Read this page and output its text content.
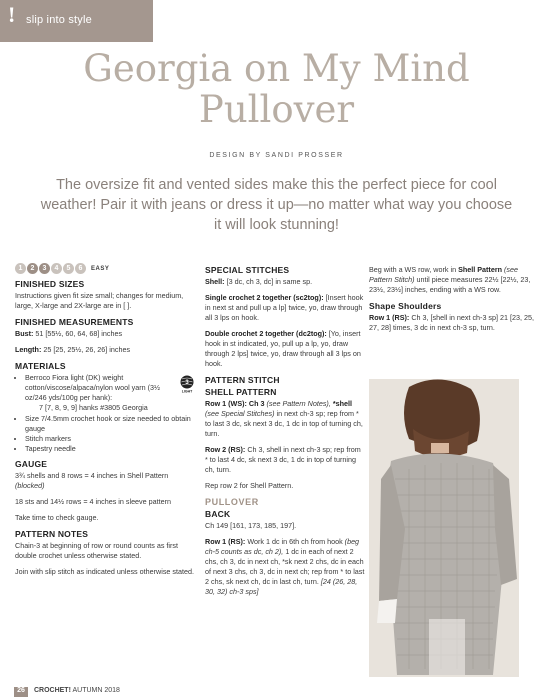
! slip into style
Georgia on My Mind
Pullover
DESIGN BY SANDI PROSSER
The oversize fit and vented sides make this the perfect piece for cool weather! Pair it with jeans or dress it up—no matter what way you choose it will look stunning!
1	2	3	4	5	6	EASY
FINISHED SIZES

Instructions given fit size small; changes for medium, large, X-large and 2X-large are in [ ].

FINISHED MEASUREMENTS

Bust: 51 [55½, 60, 64, 68] inches

Length: 25 [25, 25½, 26, 26] inches

MATERIALS
• Berroco Fiora light (DK) weight cotton/viscose/alpaca/nylon wool yarn (3½ oz/246 yds/100g per hank):
7 [7, 8, 9, 9] hanks #3805 Georgia
3
LIGHT
• Size 7/4.5mm crochet hook or size needed to obtain gauge
• Stitch markers
• Tapestry needle
GAUGE

3¾ shells and 8 rows = 4 inches in Shell Pattern (blocked)

18 sts and 14½ rows = 4 inches in sleeve pattern

Take time to check gauge.

PATTERN NOTES

Chain-3 at beginning of row or round counts as first double crochet unless otherwise stated.

Join with slip stitch as indicated unless otherwise stated.

SPECIAL STITCHES

Shell: [3 dc, ch 3, dc] in same sp.

Single crochet 2 together (sc2tog): [Insert hook in next st and pull up a lp] twice, yo, draw through all 3 lps on hook.

Double crochet 2 together (dc2tog): [Yo, insert hook in st indicated, yo, pull up a lp, yo, draw through 2 lps] twice, yo, draw through all 3 lps on hook.

PATTERN STITCH
SHELL PATTERN

Row 1 (WS): Ch 3 (see Pattern Notes), *shell (see Special Stitches) in next ch-3 sp; rep from * to last 3 dc, sk next 3 dc, 1 dc in top of turning ch, turn.

Row 2 (RS): Ch 3, shell in next ch-3 sp; rep from * to last 4 dc, sk next 3 dc, 1 dc in top of turning ch, turn.

Rep row 2 for Shell Pattern.

PULLOVER
BACK

Ch 149 [161, 173, 185, 197].

Row 1 (RS): Work 1 dc in 6th ch from hook (beg ch-5 counts as dc, ch 2), 1 dc in each of next 2 chs, ch 3, dc in next ch, *sk next 2 chs, dc in each of next 3 chs, ch 3, dc in next ch; rep from * to last 2 chs, sk next ch, dc in last ch, turn. [24 (26, 28, 30, 32) ch-3 sps]

Beg with a WS row, work in Shell Pattern (see Pattern Stitch) until piece measures 22½ [22½, 23, 23½, 23½] inches, ending with a WS row.

Shape Shoulders

Row 1 (RS): Ch 3, [shell in next ch-3 sp] 21 [23, 25, 27, 28] times, 3 dc in next ch-3 sp, turn.

26 CROCHET! AUTUMN 2018
